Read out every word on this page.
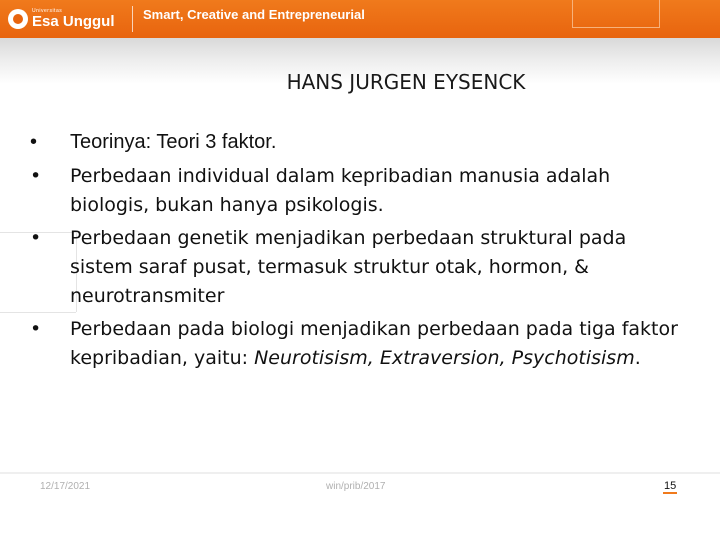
Universitas
Esa Unggul Smart, Creative and Entrepreneurial
HANS JURGEN EYSENCK
•	Teorinya: Teori 3 faktor.
•	Perbedaan individual dalam kepribadian manusia adalah biologis, bukan hanya psikologis.
•	Perbedaan genetik menjadikan perbedaan struktural pada sistem saraf pusat, termasuk struktur otak, hormon, & neurotransmiter
•	Perbedaan pada biologi menjadikan perbedaan pada tiga faktor kepribadian, yaitu: Neurotisism, Extraversion, Psychotisism.
12/17/2021	win/prib/2017	15
